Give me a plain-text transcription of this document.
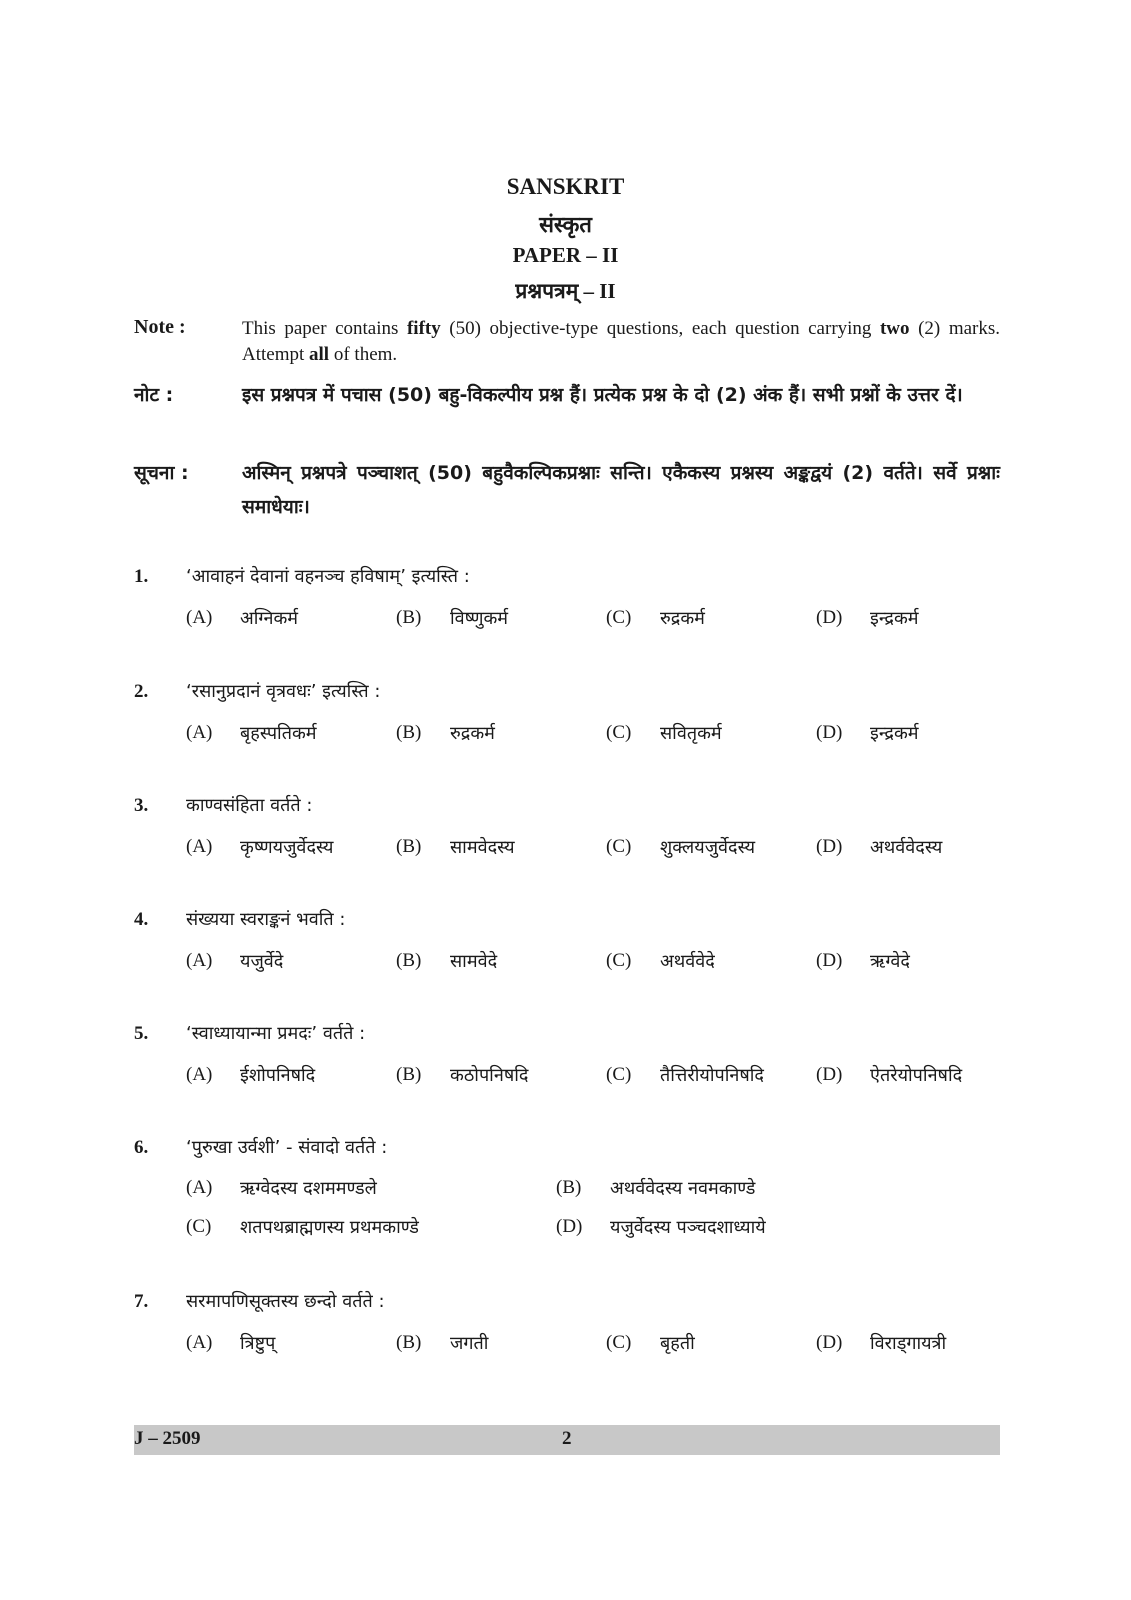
SANSKRIT
संस्कृत
PAPER – II
प्रश्नपत्रम् – II
Note :	This paper contains fifty (50) objective-type questions, each question carrying two (2) marks. Attempt all of them.
नोट :	इस प्रश्नपत्र में पचास (50) बहु-विकल्पीय प्रश्न हैं। प्रत्येक प्रश्न के दो (2) अंक हैं। सभी प्रश्नों के उत्तर दें।
सूचना :	अस्मिन् प्रश्नपत्रे पञ्चाशत् (50) बहुवैकल्पिकप्रश्नाः सन्ति। एकैकस्य प्रश्नस्य अङ्कद्वयं (2) वर्तते। सर्वे प्रश्नाः समाधेयाः।
1. ‘आवाहनं देवानां वहनञ्च हविषाम्’ इत्यस्ति :
(A) अग्निकर्म	(B) विष्णुकर्म	(C) रुद्रकर्म	(D) इन्द्रकर्म
2. ‘रसानुप्रदानं वृत्रवधः’ इत्यस्ति :
(A) बृहस्पतिकर्म	(B) रुद्रकर्म	(C) सवितृकर्म	(D) इन्द्रकर्म
3. काण्वसंहिता वर्तते :
(A) कृष्णयजुर्वेदस्य	(B) सामवेदस्य	(C) शुक्लयजुर्वेदस्य	(D) अथर्ववेदस्य
4. संख्यया स्वराङ्कनं भवति :
(A) यजुर्वेदे	(B) सामवेदे	(C) अथर्ववेदे	(D) ऋग्वेदे
5. ‘स्वाध्यायान्मा प्रमदः’ वर्तते :
(A) ईशोपनिषदि	(B) कठोपनिषदि	(C) तैत्तिरीयोपनिषदि	(D) ऐतरेयोपनिषदि
6. ‘पुरुखा उर्वशी’ - संवादो वर्तते :
(A) ऋग्वेदस्य दशममण्डले	(B) अथर्ववेदस्य नवमकाण्डे
(C) शतपथब्राह्मणस्य प्रथमकाण्डे	(D) यजुर्वेदस्य पञ्चदशाध्याये
7. सरमापणिसूक्तस्य छन्दो वर्तते :
(A) त्रिष्टुप्	(B) जगती	(C) बृहती	(D) विराड्गायत्री
J – 2509	2
